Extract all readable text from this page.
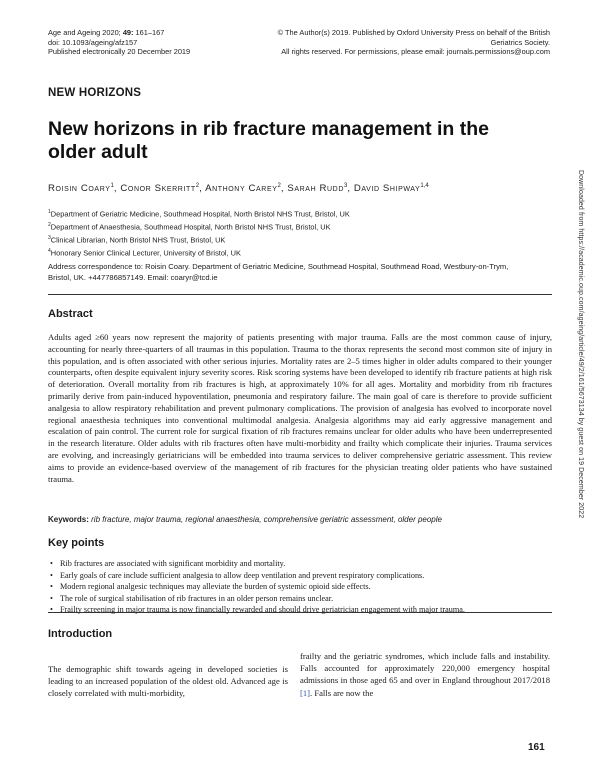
Age and Ageing 2020; 49: 161–167
doi: 10.1093/ageing/afz157
Published electronically 20 December 2019
© The Author(s) 2019. Published by Oxford University Press on behalf of the British Geriatrics Society.
All rights reserved. For permissions, please email: journals.permissions@oup.com
NEW HORIZONS
New horizons in rib fracture management in the older adult
Roisin Coary$^1$, Conor Skerritt$^2$, Anthony Carey$^2$, Sarah Rudd$^3$, David Shipway$^{1,4}$
$^1$Department of Geriatric Medicine, Southmead Hospital, North Bristol NHS Trust, Bristol, UK
$^2$Department of Anaesthesia, Southmead Hospital, North Bristol NHS Trust, Bristol, UK
$^3$Clinical Librarian, North Bristol NHS Trust, Bristol, UK
$^4$Honorary Senior Clinical Lecturer, University of Bristol, UK
Address correspondence to: Roisin Coary. Department of Geriatric Medicine, Southmead Hospital, Southmead Road, Westbury-on-Trym, Bristol, UK. +447786857149. Email: coaryr@tcd.ie
Abstract
Adults aged ≥60 years now represent the majority of patients presenting with major trauma. Falls are the most common cause of injury, accounting for nearly three-quarters of all traumas in this population. Trauma to the thorax represents the second most common site of injury in this population, and is often associated with other serious injuries. Mortality rates are 2–5 times higher in older adults compared to their younger counterparts, often despite equivalent injury severity scores. Risk scoring systems have been developed to identify rib fracture patients at high risk of deterioration. Overall mortality from rib fractures is high, at approximately 10% for all ages. Mortality and morbidity from rib fractures primarily derive from pain-induced hypoventilation, pneumonia and respiratory failure. The main goal of care is therefore to provide sufficient analgesia to allow respiratory rehabilitation and prevent pulmonary complications. The provision of analgesia has evolved to incorporate novel regional anaesthesia techniques into conventional multimodal analgesia. Analgesia algorithms may aid early aggressive management and escalation of pain control. The current role for surgical fixation of rib fractures remains unclear for older adults who have been underrepresented in the research literature. Older adults with rib fractures often have multi-morbidity and frailty which complicate their injuries. Trauma services are evolving, and increasingly geriatricians will be embedded into trauma services to deliver comprehensive geriatric assessment. This review aims to provide an evidence-based overview of the management of rib fractures for the physician treating older patients who have sustained trauma.
Keywords: rib fracture, major trauma, regional anaesthesia, comprehensive geriatric assessment, older people
Key points
• Rib fractures are associated with significant morbidity and mortality.
• Early goals of care include sufficient analgesia to allow deep ventilation and prevent respiratory complications.
• Modern regional analgesic techniques may alleviate the burden of systemic opioid side effects.
• The role of surgical stabilisation of rib fractures in an older person remains unclear.
• Frailty screening in major trauma is now financially rewarded and should drive geriatrician engagement with major trauma.
Introduction
The demographic shift towards ageing in developed societies is leading to an increased population of the oldest old. Advanced age is closely correlated with multi-morbidity,
frailty and the geriatric syndromes, which include falls and instability. Falls accounted for approximately 220,000 emergency hospital admissions in those aged 65 and over in England throughout 2017/2018 [1]. Falls are now the
161
Downloaded from https://academic.oup.com/ageing/article/49/2/161/5673134 by guest on 19 December 2022
